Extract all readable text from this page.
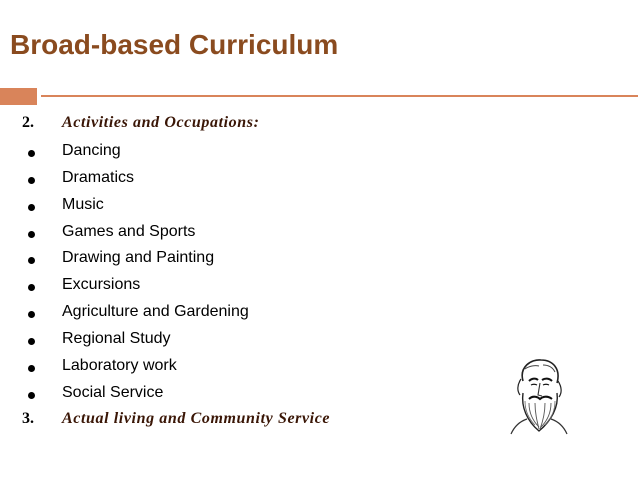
Broad-based Curriculum
2. Activities and Occupations:
Dancing
Dramatics
Music
Games and Sports
Drawing and Painting
Excursions
Agriculture and Gardening
Regional Study
Laboratory work
Social Service
3. Actual living and Community Service
